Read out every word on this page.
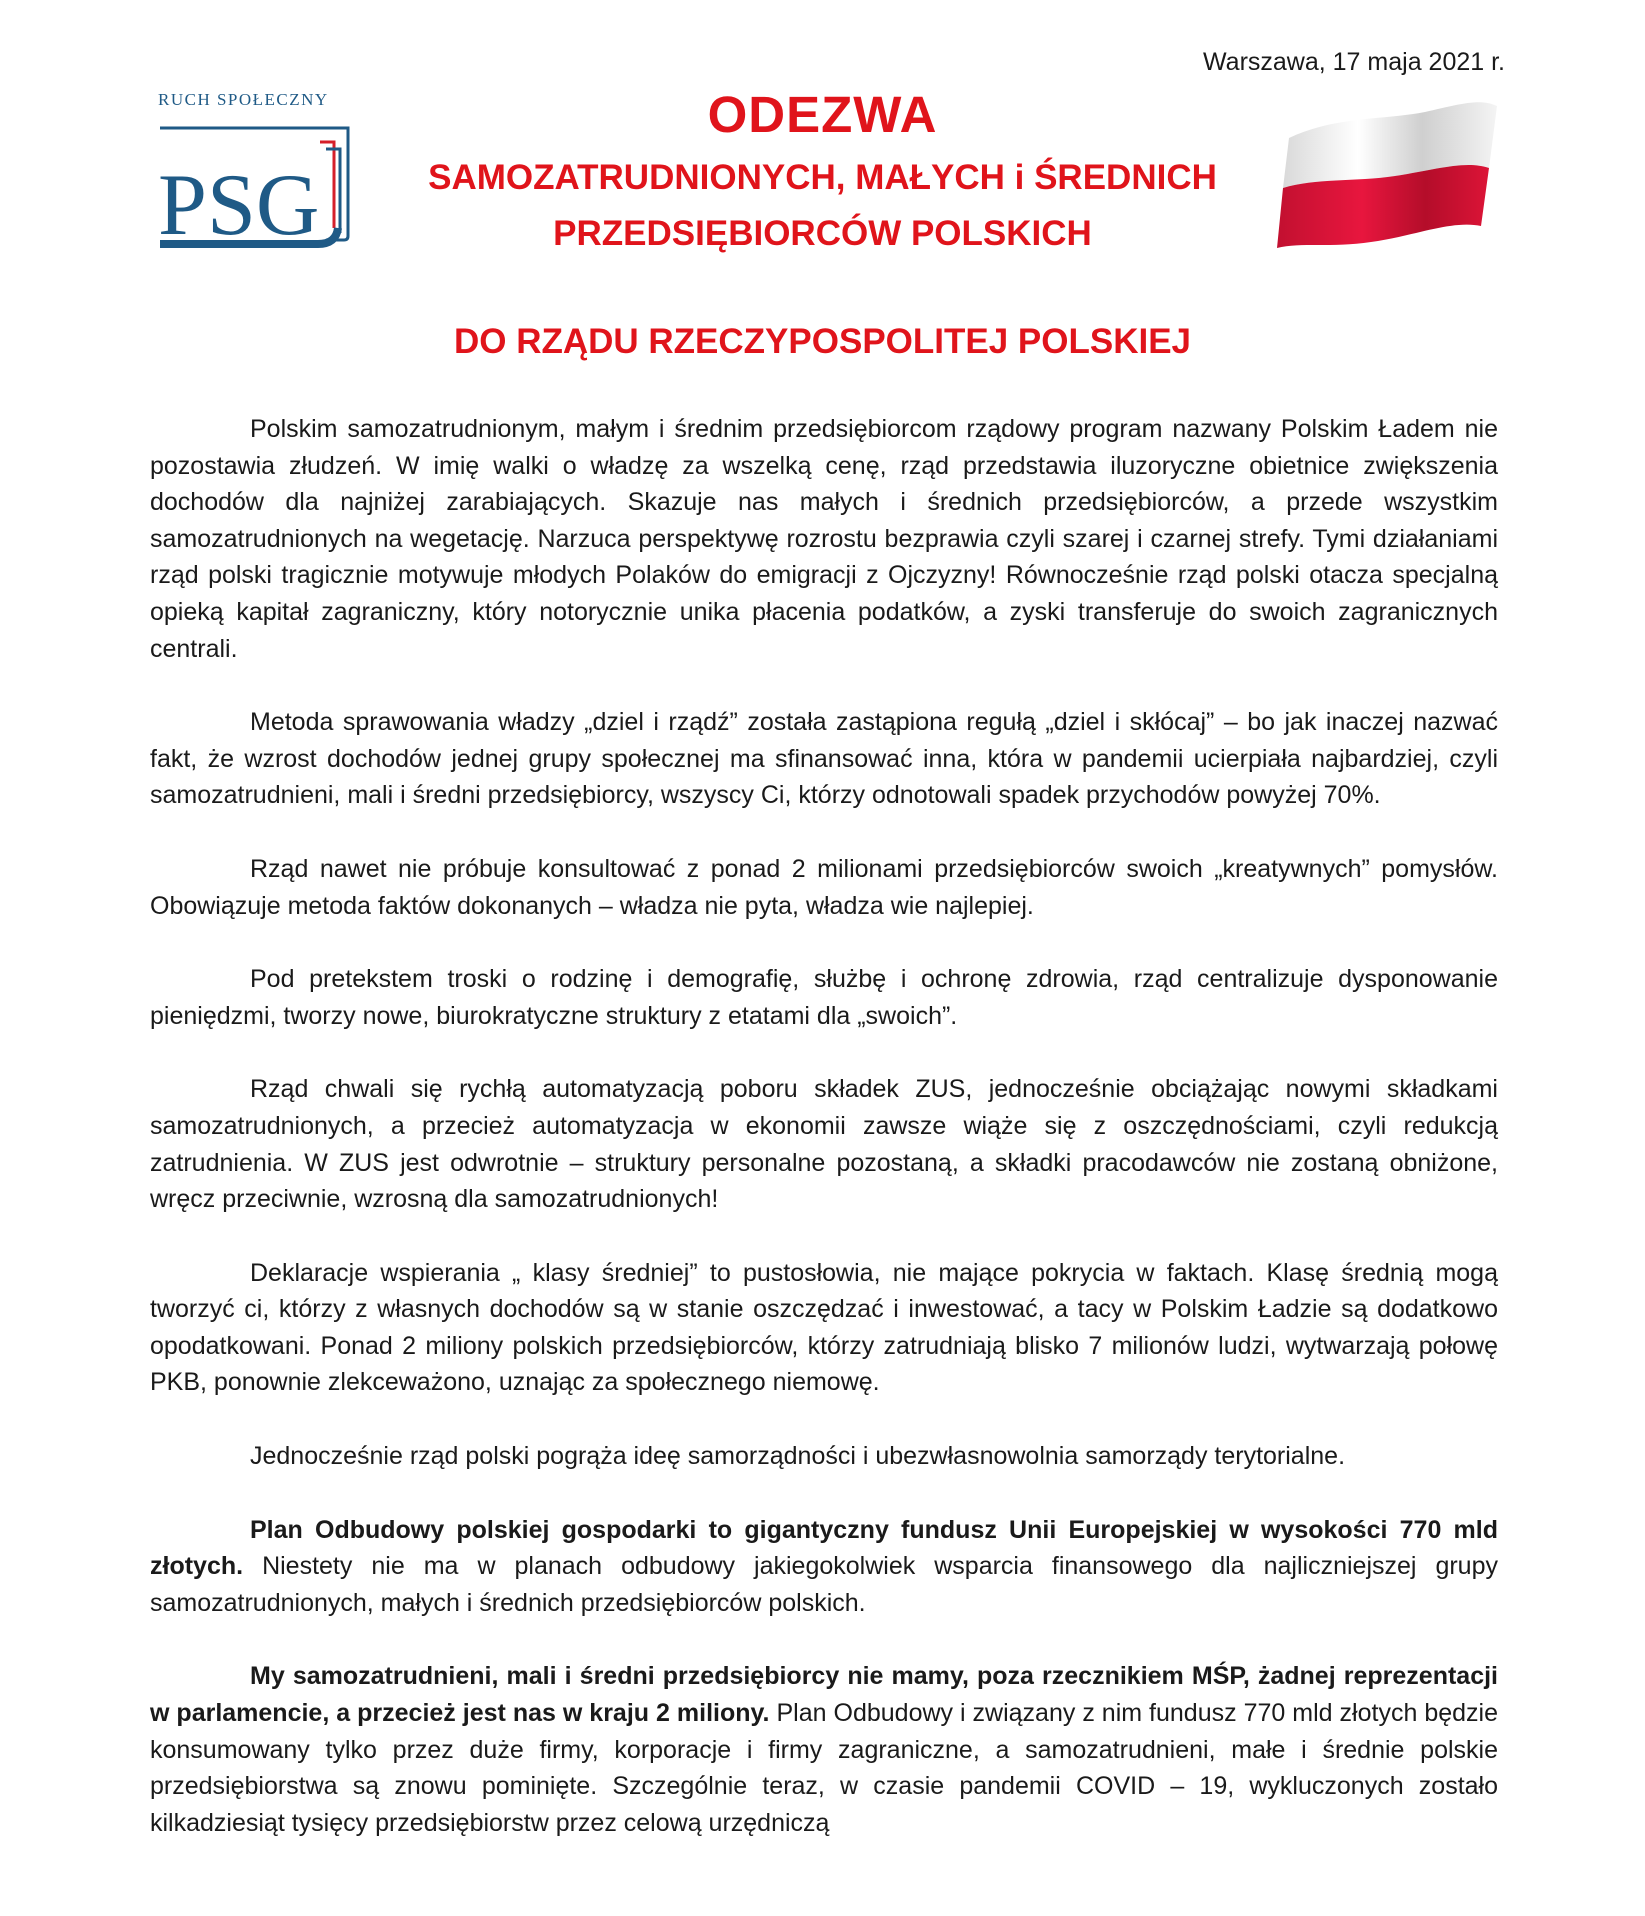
Warszawa, 17 maja 2021 r.
RUCH SPOŁECZNY
PSG
ODEZWA
SAMOZATRUDNIONYCH, MAŁYCH i ŚREDNICH
PRZEDSIĘBIORCÓW POLSKICH
DO RZĄDU RZECZYPOSPOLITEJ POLSKIEJ

Polskim samozatrudnionym, małym i średnim przedsiębiorcom rządowy program nazwany Polskim Ładem nie pozostawia złudzeń. W imię walki o władzę za wszelką cenę, rząd przedstawia iluzoryczne obietnice zwiększenia dochodów dla najniżej zarabiających. Skazuje nas małych i średnich przedsiębiorców, a przede wszystkim samozatrudnionych na wegetację. Narzuca perspektywę rozrostu bezprawia czyli szarej i czarnej strefy. Tymi działaniami rząd polski tragicznie motywuje młodych Polaków do emigracji z Ojczyzny! Równocześnie rząd polski otacza specjalną opieką kapitał zagraniczny, który notorycznie unika płacenia podatków, a zyski transferuje do swoich zagranicznych centrali.

Metoda sprawowania władzy „dziel i rządź” została zastąpiona regułą „dziel i skłócaj” – bo jak inaczej nazwać fakt, że wzrost dochodów jednej grupy społecznej ma sfinansować inna, która w pandemii ucierpiała najbardziej, czyli samozatrudnieni, mali i średni przedsiębiorcy, wszyscy Ci, którzy odnotowali spadek przychodów powyżej 70%.

Rząd nawet nie próbuje konsultować z ponad 2 milionami przedsiębiorców swoich „kreatywnych” pomysłów. Obowiązuje metoda faktów dokonanych – władza nie pyta, władza wie najlepiej.

Pod pretekstem troski o rodzinę i demografię, służbę i ochronę zdrowia, rząd centralizuje dysponowanie pieniędzmi, tworzy nowe, biurokratyczne struktury z etatami dla „swoich”.

Rząd chwali się rychłą automatyzacją poboru składek ZUS, jednocześnie obciążając nowymi składkami samozatrudnionych, a przecież automatyzacja w ekonomii zawsze wiąże się z oszczędnościami, czyli redukcją zatrudnienia. W ZUS jest odwrotnie – struktury personalne pozostaną, a składki pracodawców nie zostaną obniżone, wręcz przeciwnie, wzrosną dla samozatrudnionych!

Deklaracje wspierania „ klasy średniej” to pustosłowia, nie mające pokrycia w faktach. Klasę średnią mogą tworzyć ci, którzy z własnych dochodów są w stanie oszczędzać i inwestować, a tacy w Polskim Ładzie są dodatkowo opodatkowani. Ponad 2 miliony polskich przedsiębiorców, którzy zatrudniają blisko 7 milionów ludzi, wytwarzają połowę PKB, ponownie zlekceważono, uznając za społecznego niemowę.

Jednocześnie rząd polski pogrąża ideę samorządności i ubezwłasnowolnia samorządy terytorialne.

Plan Odbudowy polskiej gospodarki to gigantyczny fundusz Unii Europejskiej w wysokości 770 mld złotych. Niestety nie ma w planach odbudowy jakiegokolwiek wsparcia finansowego dla najliczniejszej grupy samozatrudnionych, małych i średnich przedsiębiorców polskich.

My samozatrudnieni, mali i średni przedsiębiorcy nie mamy, poza rzecznikiem MŚP, żadnej reprezentacji w parlamencie, a przecież jest nas w kraju 2 miliony. Plan Odbudowy i związany z nim fundusz 770 mld złotych będzie konsumowany tylko przez duże firmy, korporacje i firmy zagraniczne, a samozatrudnieni, małe i średnie polskie przedsiębiorstwa są znowu pominięte. Szczególnie teraz, w czasie pandemii COVID – 19, wykluczonych zostało kilkadziesiąt tysięcy przedsiębiorstw przez celową urzędniczą
